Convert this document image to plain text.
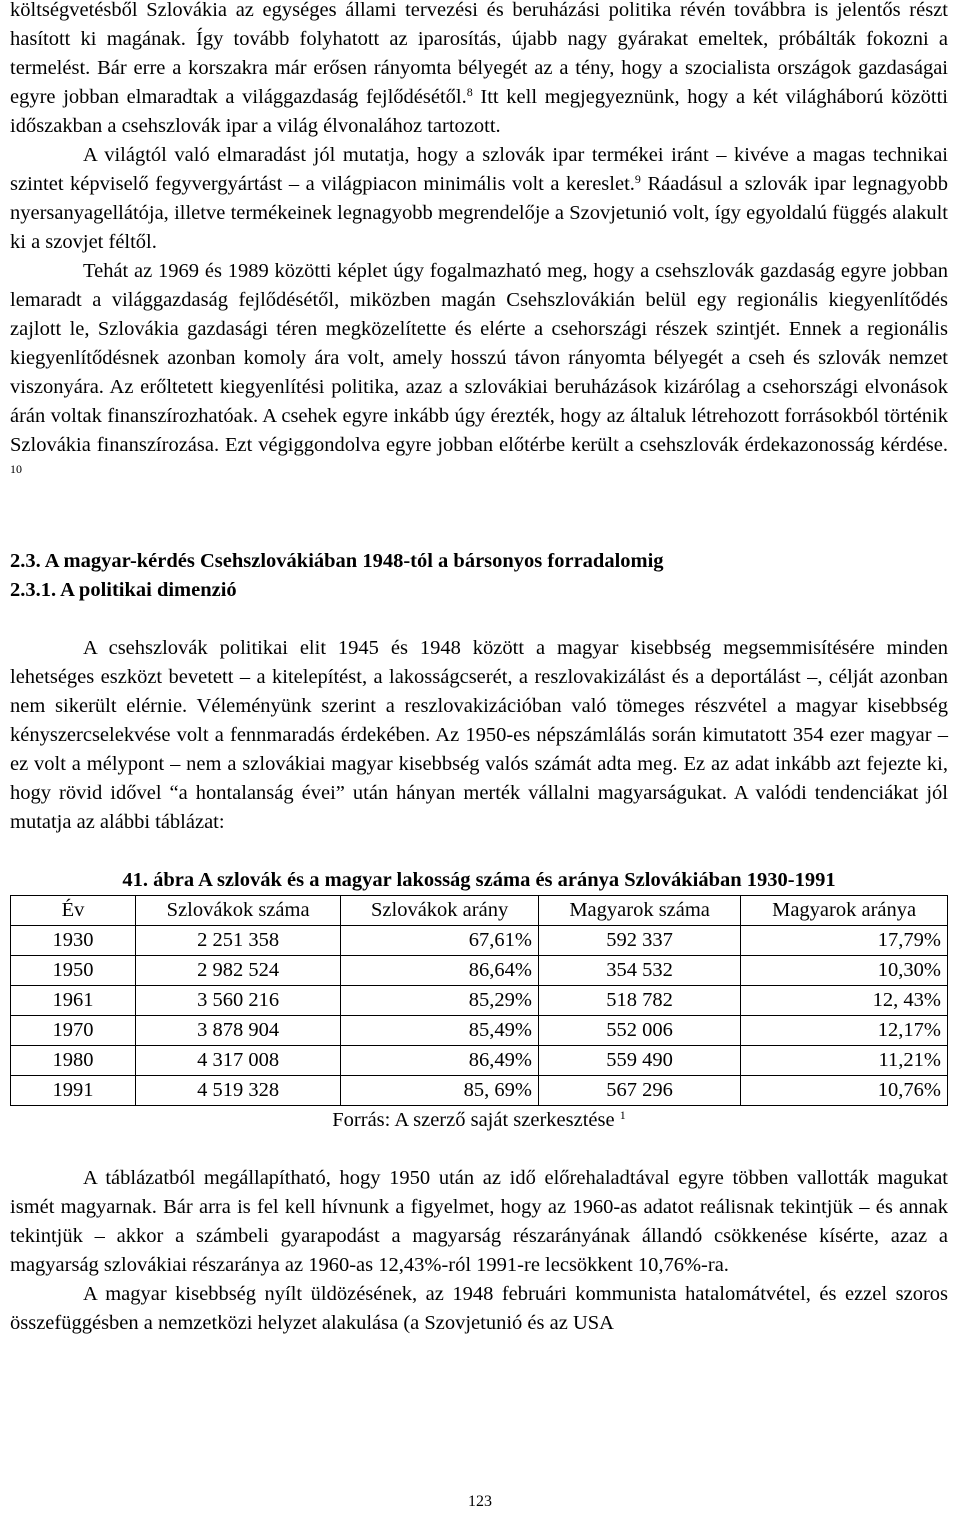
költségvetésből Szlovákia az egységes állami tervezési és beruházási politika révén továbbra is jelentős részt hasított ki magának. Így tovább folyhatott az iparosítás, újabb nagy gyárakat emeltek, próbálták fokozni a termelést. Bár erre a korszakra már erősen rányomta bélyegét az a tény, hogy a szocialista országok gazdaságai egyre jobban elmaradtak a világgazdaság fejlődésétől.$^8$ Itt kell megjegyeznünk, hogy a két világháború közötti időszakban a csehszlovák ipar a világ élvonalához tartozott.

A világtól való elmaradást jól mutatja, hogy a szlovák ipar termékei iránt – kivéve a magas technikai szintet képviselő fegyvergyártást – a világpiacon minimális volt a kereslet.$^9$ Ráadásul a szlovák ipar legnagyobb nyersanyagellátója, illetve termékeinek legnagyobb megrendelője a Szovjetunió volt, így egyoldalú függés alakult ki a szovjet féltől.

Tehát az 1969 és 1989 közötti képlet úgy fogalmazható meg, hogy a csehszlovák gazdaság egyre jobban lemaradt a világgazdaság fejlődésétől, miközben magán Csehszlovákián belül egy regionális kiegyenlítődés zajlott le, Szlovákia gazdasági téren megközelítette és elérte a csehországi részek szintjét. Ennek a regionális kiegyenlítődésnek azonban komoly ára volt, amely hosszú távon rányomta bélyegét a cseh és szlovák nemzet viszonyára. Az erőltetett kiegyenlítési politika, azaz a szlovákiai beruházások kizárólag a csehországi elvonások árán voltak finanszírozhatóak. A csehek egyre inkább úgy érezték, hogy az általuk létrehozott forrásokból történik Szlovákia finanszírozása. Ezt végiggondolva egyre jobban előtérbe került a csehszlovák érdekazonosság kérdése. $^{10}$

2.3. A magyar-kérdés Csehszlovákiában 1948-tól a bársonyos forradalomig

2.3.1. A politikai dimenzió

A csehszlovák politikai elit 1945 és 1948 között a magyar kisebbség megsemmisítésére minden lehetséges eszközt bevetett – a kitelepítést, a lakosságcserét, a reszlovakizálást és a deportálást –, célját azonban nem sikerült elérnie. Véleményünk szerint a reszlovakizációban való tömeges részvétel a magyar kisebbség kényszercselekvése volt a fennmaradás érdekében. Az 1950-es népszámlálás során kimutatott 354 ezer magyar – ez volt a mélypont – nem a szlovákiai magyar kisebbség valós számát adta meg. Ez az adat inkább azt fejezte ki, hogy rövid idővel “a hontalanság évei” után hányan merték vállalni magyarságukat. A valódi tendenciákat jól mutatja az alábbi táblázat:

41. ábra A szlovák és a magyar lakosság száma és aránya Szlovákiában 1930-1991

Év	Szlovákok száma	Szlovákok arány	Magyarok száma	Magyarok aránya
1930	2 251 358	67,61%	592 337	17,79%
1950	2 982 524	86,64%	354 532	10,30%
1961	3 560 216	85,29%	518 782	12, 43%
1970	3 878 904	85,49%	552 006	12,17%
1980	4 317 008	86,49%	559 490	11,21%
1991	4 519 328	85, 69%	567 296	10,76%

Forrás: A szerző saját szerkesztése $^1$

A táblázatból megállapítható, hogy 1950 után az idő előrehaladtával egyre többen vallották magukat ismét magyarnak. Bár arra is fel kell hívnunk a figyelmet, hogy az 1960-as adatot reálisnak tekintjük – és annak tekintjük – akkor a számbeli gyarapodást a magyarság részarányának állandó csökkenése kísérte, azaz a magyarság szlovákiai részaránya az 1960-as 12,43%-ról 1991-re lecsökkent 10,76%-ra.

A magyar kisebbség nyílt üldözésének, az 1948 februári kommunista hatalomátvétel, és ezzel szoros összefüggésben a nemzetközi helyzet alakulása (a Szovjetunió és az USA

123
